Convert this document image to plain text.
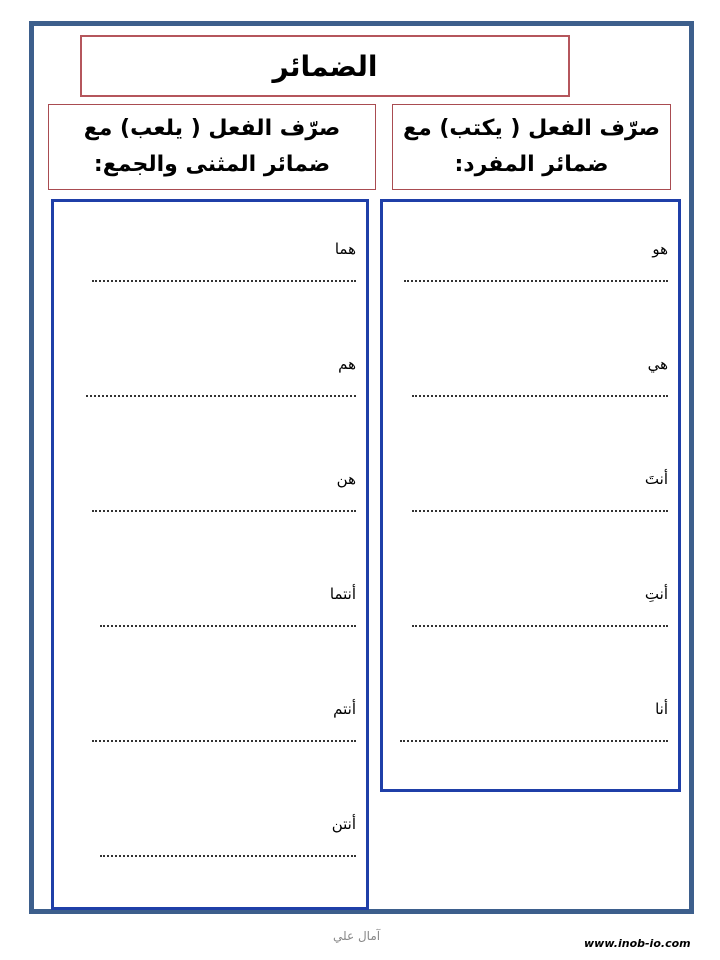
الضمائر
صرّف الفعل ( يلعب) مع
ضمائر المثنى والجمع:
صرّف الفعل ( يكتب) مع
ضمائر المفرد:
هما
هم
هن
أنتما
أنتم
أنتن
هو
هي
أنتَ
أنتِ
أنا
آمال علي
www.inob-io.com
